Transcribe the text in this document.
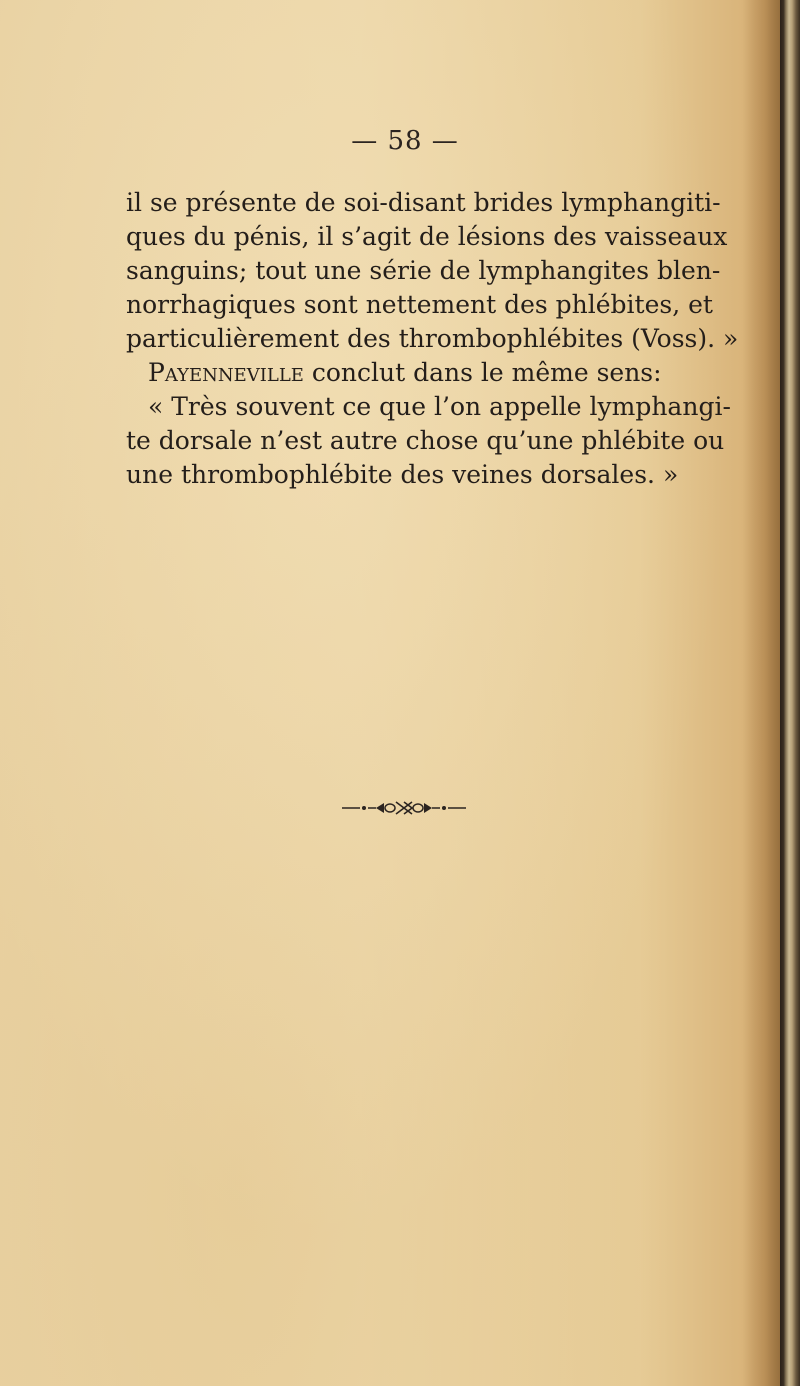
— 58 —
il se présente de soi-disant brides lymphangiti-
ques du pénis, il s’agit de lésions des vaisseaux
sanguins; tout une série de lymphangites blen-
norrhagiques sont nettement des phlébites, et
particulièrement des thrombophlébites (Voss). »
Payenneville conclut dans le même sens:
« Très souvent ce que l’on appelle lymphangi-
te dorsale n’est autre chose qu’une phlébite ou
une thrombophlébite des veines dorsales. »
